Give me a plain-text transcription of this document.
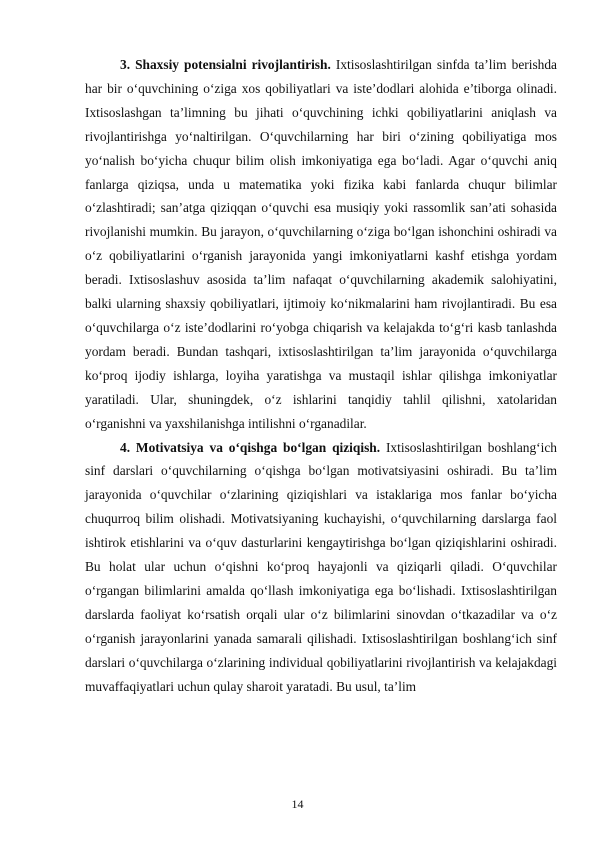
3. Shaxsiy potensialni rivojlantirish. Ixtisoslashtirilgan sinfda ta’lim berishda har bir o‘quvchining o‘ziga xos qobiliyatlari va iste’dodlari alohida e’tiborga olinadi. Ixtisoslashgan ta’limning bu jihati o‘quvchining ichki qobiliyatlarini aniqlash va rivojlantirishga yo‘naltirilgan. O‘quvchilarning har biri o‘zining qobiliyatiga mos yo‘nalish bo‘yicha chuqur bilim olish imkoniyatiga ega bo‘ladi. Agar o‘quvchi aniq fanlarga qiziqsa, unda u matematika yoki fizika kabi fanlarda chuqur bilimlar o‘zlashtiradi; san’atga qiziqqan o‘quvchi esa musiqiy yoki rassomlik san’ati sohasida rivojlanishi mumkin. Bu jarayon, o‘quvchilarning o‘ziga bo‘lgan ishonchini oshiradi va o‘z qobiliyatlarini o‘rganish jarayonida yangi imkoniyatlarni kashf etishga yordam beradi. Ixtisoslashuv asosida ta’lim nafaqat o‘quvchilarning akademik salohiyatini, balki ularning shaxsiy qobiliyatlari, ijtimoiy ko‘nikmalarini ham rivojlantiradi. Bu esa o‘quvchilarga o‘z iste’dodlarini ro‘yobga chiqarish va kelajakda to‘g‘ri kasb tanlashda yordam beradi. Bundan tashqari, ixtisoslashtirilgan ta’lim jarayonida o‘quvchilarga ko‘proq ijodiy ishlarga, loyiha yaratishga va mustaqil ishlar qilishga imkoniyatlar yaratiladi. Ular, shuningdek, o‘z ishlarini tanqidiy tahlil qilishni, xatolaridan o‘rganishni va yaxshilanishga intilishni o‘rganadilar.

4. Motivatsiya va o‘qishga bo‘lgan qiziqish. Ixtisoslashtirilgan boshlang‘ich sinf darslari o‘quvchilarning o‘qishga bo‘lgan motivatsiyasini oshiradi. Bu ta’lim jarayonida o‘quvchilar o‘zlarining qiziqishlari va istaklariga mos fanlar bo‘yicha chuqurroq bilim olishadi. Motivatsiyaning kuchayishi, o‘quvchilarning darslarga faol ishtirok etishlarini va o‘quv dasturlarini kengaytirishga bo‘lgan qiziqishlarini oshiradi. Bu holat ular uchun o‘qishni ko‘proq hayajonli va qiziqarli qiladi. O‘quvchilar o‘rgangan bilimlarini amalda qo‘llash imkoniyatiga ega bo‘lishadi. Ixtisoslashtirilgan darslarda faoliyat ko‘rsatish orqali ular o‘z bilimlarini sinovdan o‘tkazadilar va o‘z o‘rganish jarayonlarini yanada samarali qilishadi. Ixtisoslashtirilgan boshlang‘ich sinf darslari o‘quvchilarga o‘zlarining individual qobiliyatlarini rivojlantirish va kelajakdagi muvaffaqiyatlari uchun qulay sharoit yaratadi. Bu usul, ta’lim

14
